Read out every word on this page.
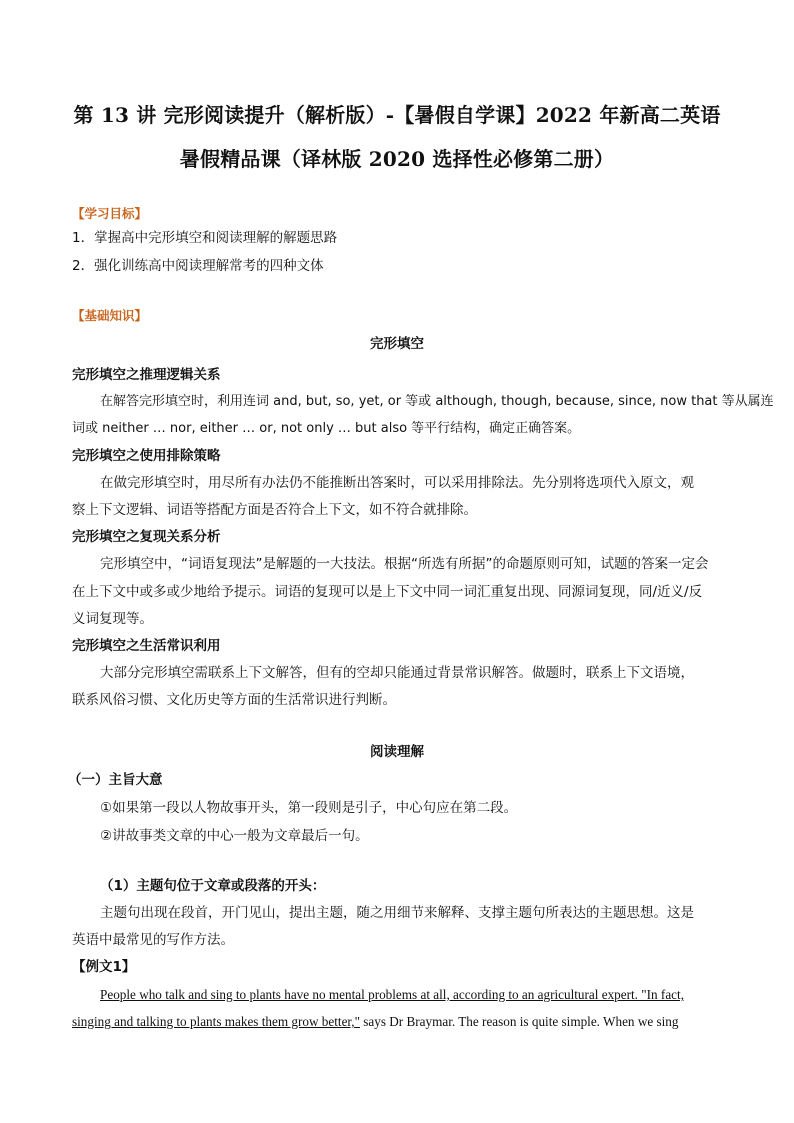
第 13 讲 完形阅读提升（解析版）-【暑假自学课】2022 年新高二英语
暑假精品课（译林版 2020 选择性必修第二册）
【学习目标】
1．掌握高中完形填空和阅读理解的解题思路
2．强化训练高中阅读理解常考的四种文体
【基础知识】
完形填空
完形填空之推理逻辑关系
在解答完形填空时，利用连词 and, but, so, yet, or 等或 although, though, because, since, now that 等从属连
词或 neither … nor, either … or, not only … but also 等平行结构，确定正确答案。
完形填空之使用排除策略
在做完形填空时，用尽所有办法仍不能推断出答案时，可以采用排除法。先分别将选项代入原文，观
察上下文逻辑、词语等搭配方面是否符合上下文，如不符合就排除。
完形填空之复现关系分析
完形填空中，“词语复现法”是解题的一大技法。根据“所选有所据”的命题原则可知，试题的答案一定会
在上下文中或多或少地给予提示。词语的复现可以是上下文中同一词汇重复出现、同源词复现，同/近义/反
义词复现等。
完形填空之生活常识利用
大部分完形填空需联系上下文解答，但有的空却只能通过背景常识解答。做题时，联系上下文语境，
联系风俗习惯、文化历史等方面的生活常识进行判断。
阅读理解
（一）主旨大意
①如果第一段以人物故事开头，第一段则是引子，中心句应在第二段。
②讲故事类文章的中心一般为文章最后一句。
（1）主题句位于文章或段落的开头：
主题句出现在段首，开门见山，提出主题，随之用细节来解释、支撑主题句所表达的主题思想。这是
英语中最常见的写作方法。
【例文1】
People who talk and sing to plants have no mental problems at all, according to an agricultural expert. "In fact,
singing and talking to plants makes them grow better," says Dr Braymar. The reason is quite simple. When we sing
